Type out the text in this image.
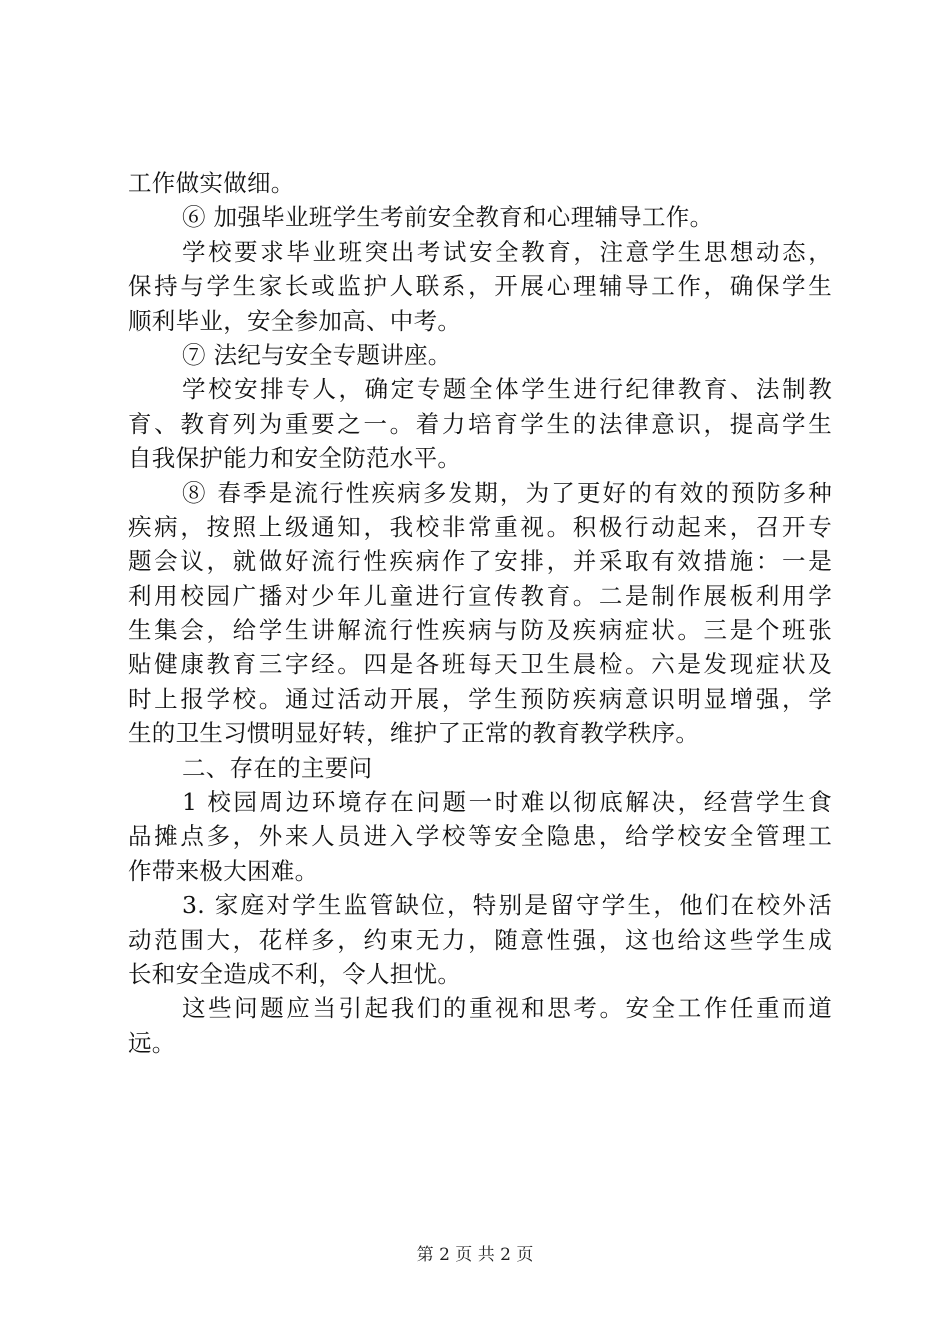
工作做实做细。
⑥ 加强毕业班学生考前安全教育和心理辅导工作。
学校要求毕业班突出考试安全教育，注意学生思想动态，
保持与学生家长或监护人联系，开展心理辅导工作，确保学生
顺利毕业，安全参加高、中考。
⑦ 法纪与安全专题讲座。
学校安排专人，确定专题全体学生进行纪律教育、法制教
育、教育列为重要之一。着力培育学生的法律意识，提高学生
自我保护能力和安全防范水平。
⑧ 春季是流行性疾病多发期，为了更好的有效的预防多种
疾病，按照上级通知，我校非常重视。积极行动起来，召开专
题会议，就做好流行性疾病作了安排，并采取有效措施：一是
利用校园广播对少年儿童进行宣传教育。二是制作展板利用学
生集会，给学生讲解流行性疾病与防及疾病症状。三是个班张
贴健康教育三字经。四是各班每天卫生晨检。六是发现症状及
时上报学校。通过活动开展，学生预防疾病意识明显增强，学
生的卫生习惯明显好转，维护了正常的教育教学秩序。
二、存在的主要问
1 校园周边环境存在问题一时难以彻底解决，经营学生食
品摊点多，外来人员进入学校等安全隐患，给学校安全管理工
作带来极大困难。
3. 家庭对学生监管缺位，特别是留守学生，他们在校外活
动范围大，花样多，约束无力，随意性强，这也给这些学生成
长和安全造成不利，令人担忧。
这些问题应当引起我们的重视和思考。安全工作任重而道
远。
第 2 页 共 2 页
